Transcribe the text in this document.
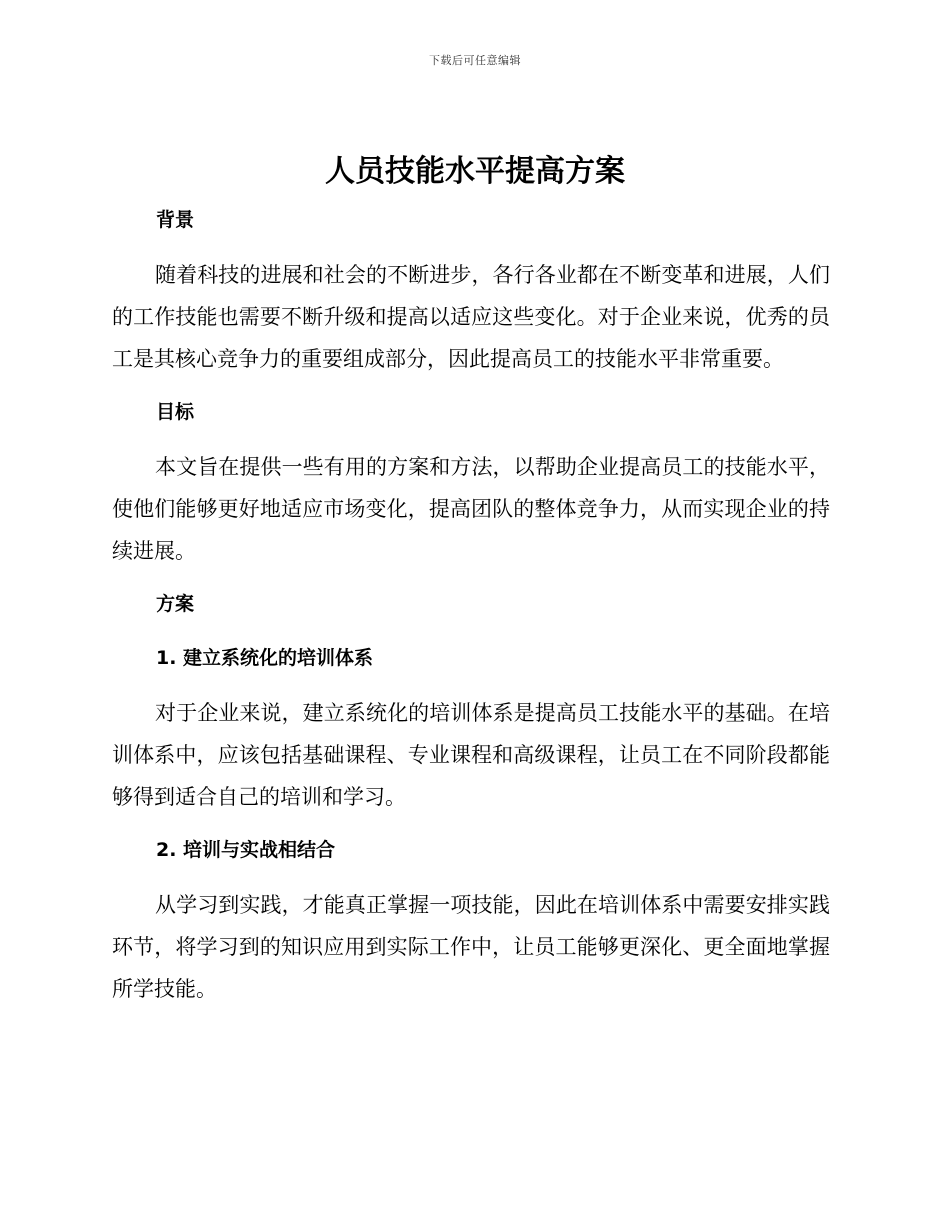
下载后可任意编辑
人员技能水平提高方案
背景

随着科技的进展和社会的不断进步，各行各业都在不断变革和进展，人们的工作技能也需要不断升级和提高以适应这些变化。对于企业来说，优秀的员工是其核心竞争力的重要组成部分，因此提高员工的技能水平非常重要。

目标

本文旨在提供一些有用的方案和方法，以帮助企业提高员工的技能水平，使他们能够更好地适应市场变化，提高团队的整体竞争力，从而实现企业的持续进展。

方案
1. 建立系统化的培训体系

对于企业来说，建立系统化的培训体系是提高员工技能水平的基础。在培训体系中，应该包括基础课程、专业课程和高级课程，让员工在不同阶段都能够得到适合自己的培训和学习。

2. 培训与实战相结合

从学习到实践，才能真正掌握一项技能，因此在培训体系中需要安排实践环节，将学习到的知识应用到实际工作中，让员工能够更深化、更全面地掌握所学技能。
